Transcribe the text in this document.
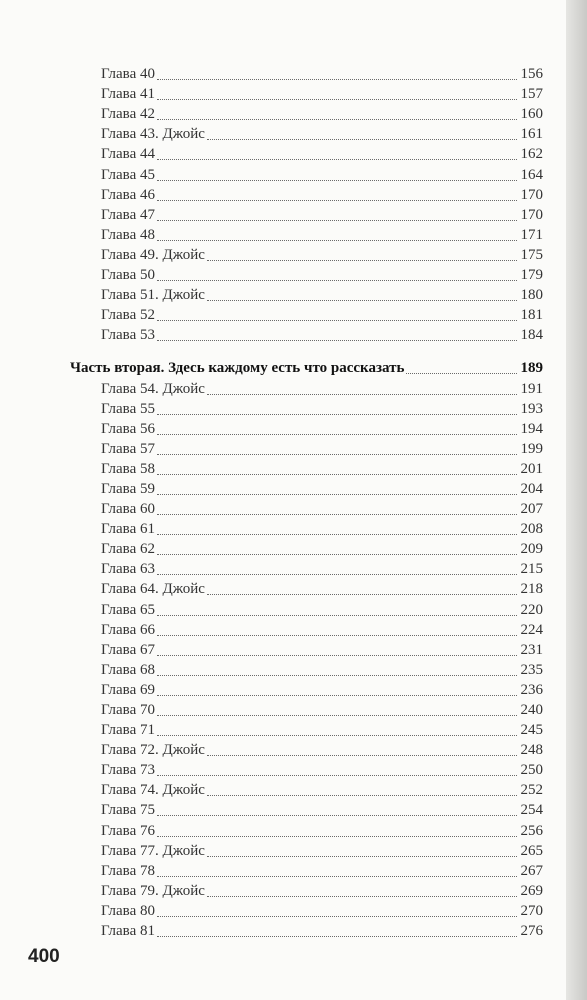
Глава 40	156
Глава 41	157
Глава 42	160
Глава 43. Джойс	161
Глава 44	162
Глава 45	164
Глава 46	170
Глава 47	170
Глава 48	171
Глава 49. Джойс	175
Глава 50	179
Глава 51. Джойс	180
Глава 52	181
Глава 53	184
Часть вторая. Здесь каждому есть что рассказать	189
Глава 54. Джойс	191
Глава 55	193
Глава 56	194
Глава 57	199
Глава 58	201
Глава 59	204
Глава 60	207
Глава 61	208
Глава 62	209
Глава 63	215
Глава 64. Джойс	218
Глава 65	220
Глава 66	224
Глава 67	231
Глава 68	235
Глава 69	236
Глава 70	240
Глава 71	245
Глава 72. Джойс	248
Глава 73	250
Глава 74. Джойс	252
Глава 75	254
Глава 76	256
Глава 77. Джойс	265
Глава 78	267
Глава 79. Джойс	269
Глава 80	270
Глава 81	276
400
